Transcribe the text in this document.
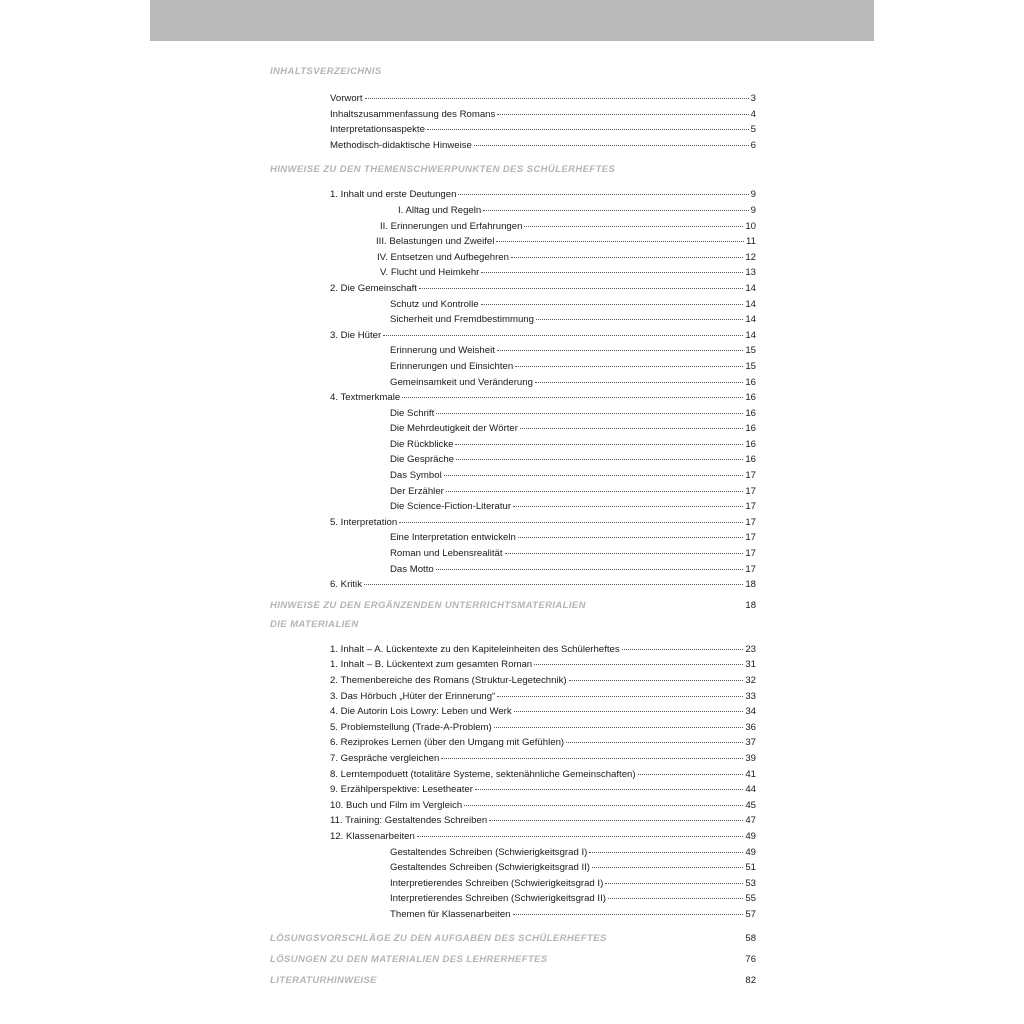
INHALTSVERZEICHNIS
Vorwort	3
Inhaltszusammenfassung des Romans	4
Interpretationsaspekte	5
Methodisch-didaktische Hinweise	6
HINWEISE ZU DEN THEMENSCHWERPUNKTEN DES SCHÜLERHEFTES
1. Inhalt und erste Deutungen	9
I. Alltag und Regeln	9
II. Erinnerungen und Erfahrungen	10
III. Belastungen und Zweifel	11
IV. Entsetzen und Aufbegehren	12
V. Flucht und Heimkehr	13
2. Die Gemeinschaft	14
Schutz und Kontrolle	14
Sicherheit und Fremdbestimmung	14
3. Die Hüter	14
Erinnerung und Weisheit	15
Erinnerungen und Einsichten	15
Gemeinsamkeit und Veränderung	16
4. Textmerkmale	16
Die Schrift	16
Die Mehrdeutigkeit der Wörter	16
Die Rückblicke	16
Die Gespräche	16
Das Symbol	17
Der Erzähler	17
Die Science-Fiction-Literatur	17
5. Interpretation	17
Eine Interpretation entwickeln	17
Roman und Lebensrealität	17
Das Motto	17
6. Kritik	18
HINWEISE ZU DEN ERGÄNZENDEN UNTERRICHTSMATERIALIEN	18
DIE MATERIALIEN
1. Inhalt – A. Lückentexte zu den Kapiteleinheiten des Schülerheftes	23
1. Inhalt – B. Lückentext zum gesamten Roman	31
2. Themenbereiche des Romans (Struktur-Legetechnik)	32
3. Das Hörbuch „Hüter der Erinnerung“	33
4. Die Autorin Lois Lowry: Leben und Werk	34
5. Problemstellung (Trade-A-Problem)	36
6. Reziprokes Lernen (über den Umgang mit Gefühlen)	37
7. Gespräche vergleichen	39
8. Lerntempoduett (totalitäre Systeme, sektenähnliche Gemeinschaften)	41
9. Erzählperspektive: Lesetheater	44
10. Buch und Film im Vergleich	45
11. Training: Gestaltendes Schreiben	47
12. Klassenarbeiten	49
Gestaltendes Schreiben (Schwierigkeitsgrad I)	49
Gestaltendes Schreiben (Schwierigkeitsgrad II)	51
Interpretierendes Schreiben (Schwierigkeitsgrad I)	53
Interpretierendes Schreiben (Schwierigkeitsgrad II)	55
Themen für Klassenarbeiten	57
LÖSUNGSVORSCHLÄGE ZU DEN AUFGABEN DES SCHÜLERHEFTES	58
LÖSUNGEN ZU DEN MATERIALIEN DES LEHRERHEFTES	76
LITERATURHINWEISE	82
